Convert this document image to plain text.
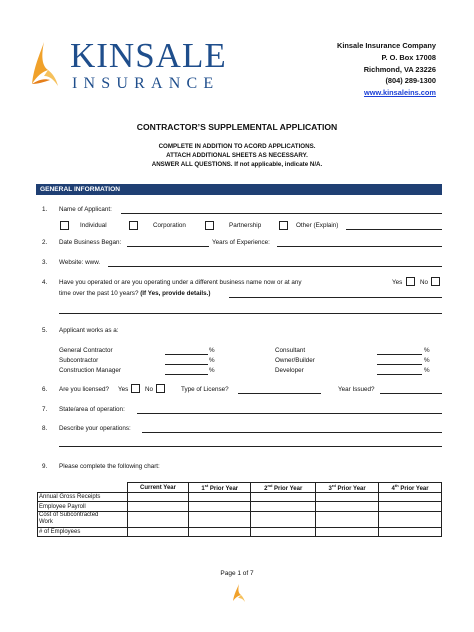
KINSALE
INSURANCE
Kinsale Insurance Company
P. O. Box 17008
Richmond, VA 23226
(804) 289-1300
www.kinsaleins.com
CONTRACTOR’S SUPPLEMENTAL APPLICATION
COMPLETE IN ADDITION TO ACORD APPLICATIONS.
ATTACH ADDITIONAL SHEETS AS NECESSARY.
ANSWER ALL QUESTIONS. If not applicable, indicate N/A.
GENERAL INFORMATION
1. Name of Applicant:
Individual	Corporation	Partnership	Other (Explain)
2. Date Business Began:	Years of Experience:
3. Website: www.
4. Have you operated or are you operating under a different business name now or at any	Yes	No
time over the past 10 years? (If Yes, provide details.)
5. Applicant works as a:
General Contractor	%
Subcontractor	%
Construction Manager	%
Consultant	%
Owner/Builder	%
Developer	%
6. Are you licensed? Yes	No	Type of License?	Year Issued?
7. State/area of operation:
8. Describe your operations:
9. Please complete the following chart:
	Current Year	1st Prior Year	2nd Prior Year	3rd Prior Year	4th Prior Year
Annual Gross Receipts					
Employee Payroll					

Cost of Subcontracted
Work					

# of Employees					
Page 1 of 7
